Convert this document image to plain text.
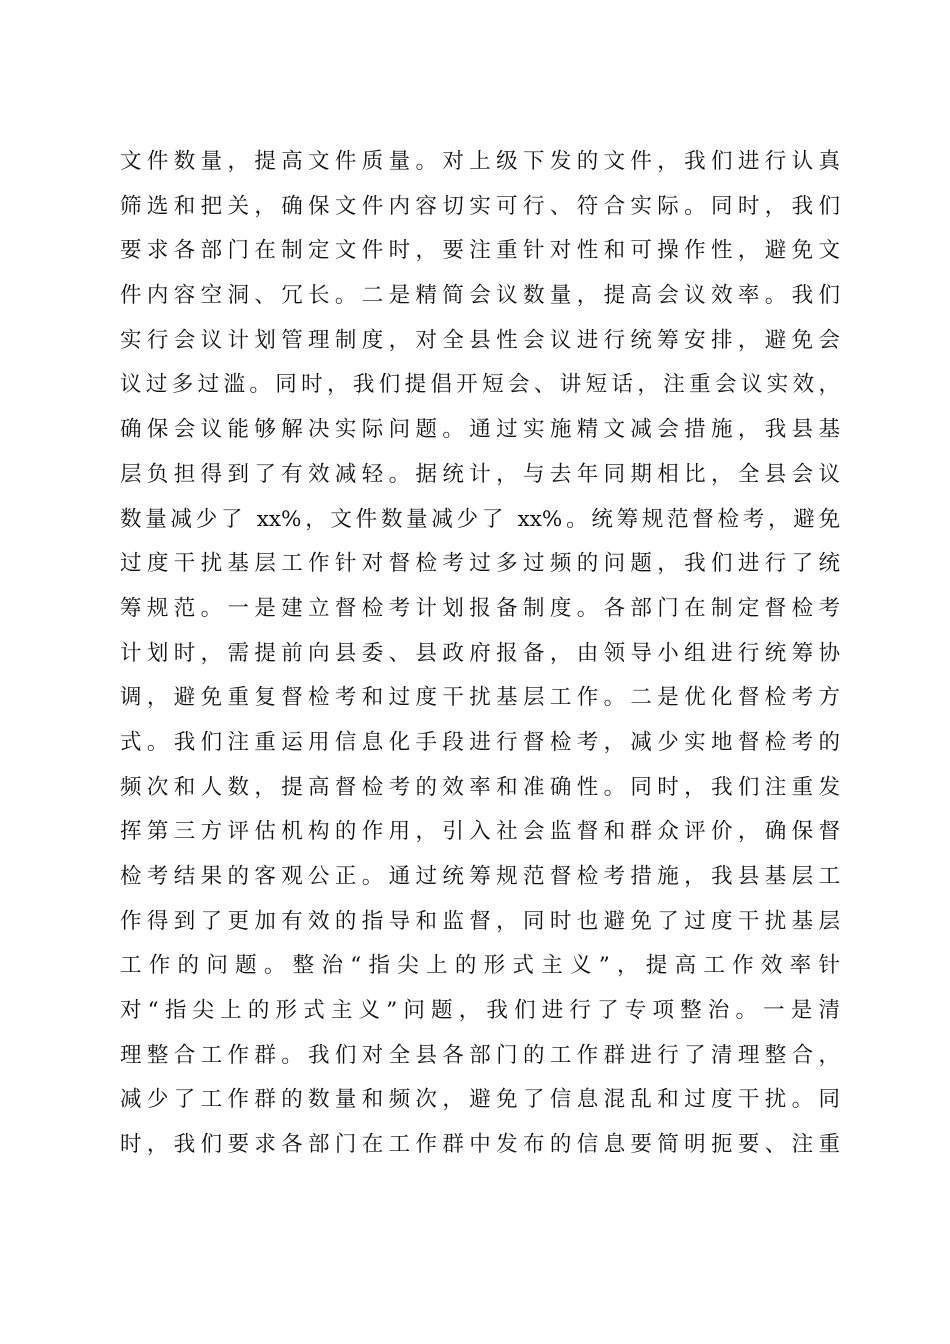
文件数量，提高文件质量。对上级下发的文件，我们进行认真
筛选和把关，确保文件内容切实可行、符合实际。同时，我们
要求各部门在制定文件时，要注重针对性和可操作性，避免文
件内容空洞、冗长。二是精简会议数量，提高会议效率。我们
实行会议计划管理制度，对全县性会议进行统筹安排，避免会
议过多过滥。同时，我们提倡开短会、讲短话，注重会议实效，
确保会议能够解决实际问题。通过实施精文减会措施，我县基
层负担得到了有效减轻。据统计，与去年同期相比，全县会议
数量减少了 xx%，文件数量减少了 xx%。统筹规范督检考，避免
过度干扰基层工作针对督检考过多过频的问题，我们进行了统
筹规范。一是建立督检考计划报备制度。各部门在制定督检考
计划时，需提前向县委、县政府报备，由领导小组进行统筹协
调，避免重复督检考和过度干扰基层工作。二是优化督检考方
式。我们注重运用信息化手段进行督检考，减少实地督检考的
频次和人数，提高督检考的效率和准确性。同时，我们注重发
挥第三方评估机构的作用，引入社会监督和群众评价，确保督
检考结果的客观公正。通过统筹规范督检考措施，我县基层工
作得到了更加有效的指导和监督，同时也避免了过度干扰基层
工作的问题。整治“指尖上的形式主义”，提高工作效率针
对“指尖上的形式主义”问题，我们进行了专项整治。一是清
理整合工作群。我们对全县各部门的工作群进行了清理整合，
减少了工作群的数量和频次，避免了信息混乱和过度干扰。同
时，我们要求各部门在工作群中发布的信息要简明扼要、注重
